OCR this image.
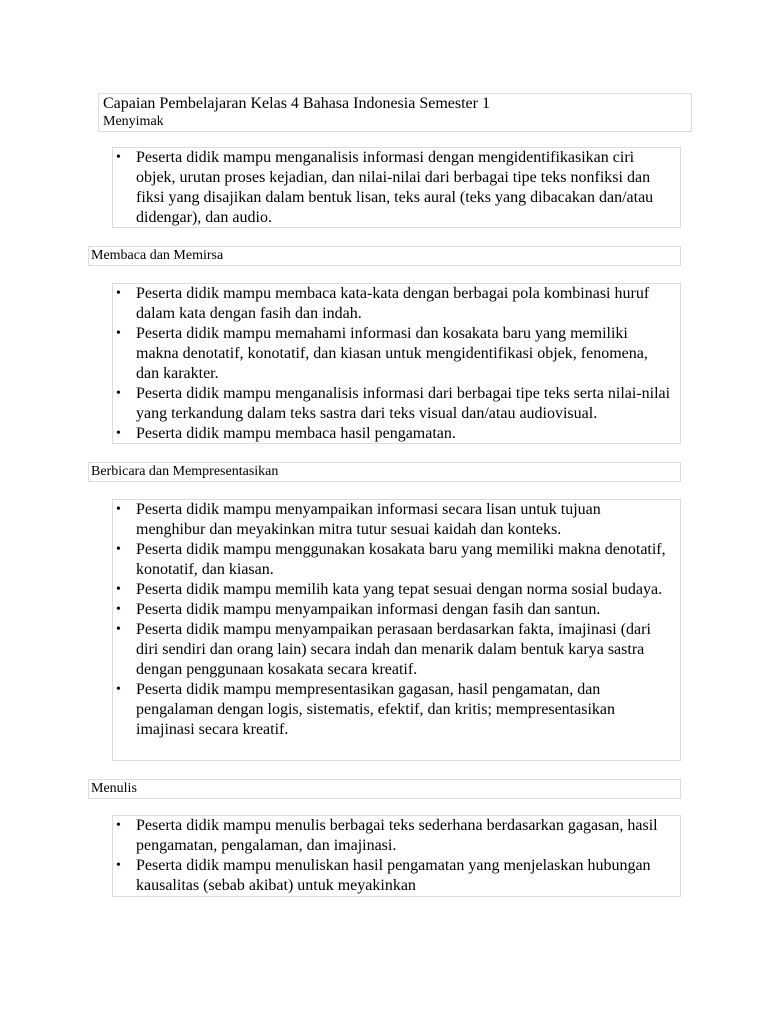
Capaian Pembelajaran Kelas 4 Bahasa Indonesia Semester 1
Menyimak
• Peserta didik mampu menganalisis informasi dengan mengidentifikasikan ciri objek, urutan proses kejadian, dan nilai-nilai dari berbagai tipe teks nonfiksi dan fiksi yang disajikan dalam bentuk lisan, teks aural (teks yang dibacakan dan/atau didengar), dan audio.
Membaca dan Memirsa
• Peserta didik mampu membaca kata-kata dengan berbagai pola kombinasi huruf dalam kata dengan fasih dan indah.
• Peserta didik mampu memahami informasi dan kosakata baru yang memiliki makna denotatif, konotatif, dan kiasan untuk mengidentifikasi objek, fenomena, dan karakter.
• Peserta didik mampu menganalisis informasi dari berbagai tipe teks serta nilai-nilai yang terkandung dalam teks sastra dari teks visual dan/atau audiovisual.
• Peserta didik mampu membaca hasil pengamatan.
Berbicara dan Mempresentasikan
• Peserta didik mampu menyampaikan informasi secara lisan untuk tujuan menghibur dan meyakinkan mitra tutur sesuai kaidah dan konteks.
• Peserta didik mampu menggunakan kosakata baru yang memiliki makna denotatif, konotatif, dan kiasan.
• Peserta didik mampu memilih kata yang tepat sesuai dengan norma sosial budaya.
• Peserta didik mampu menyampaikan informasi dengan fasih dan santun.
• Peserta didik mampu menyampaikan perasaan berdasarkan fakta, imajinasi (dari diri sendiri dan orang lain) secara indah dan menarik dalam bentuk karya sastra dengan penggunaan kosakata secara kreatif.
• Peserta didik mampu mempresentasikan gagasan, hasil pengamatan, dan pengalaman dengan logis, sistematis, efektif, dan kritis; mempresentasikan imajinasi secara kreatif.
Menulis
• Peserta didik mampu menulis berbagai teks sederhana berdasarkan gagasan, hasil pengamatan, pengalaman, dan imajinasi.
• Peserta didik mampu menuliskan hasil pengamatan yang menjelaskan hubungan kausalitas (sebab akibat) untuk meyakinkan
